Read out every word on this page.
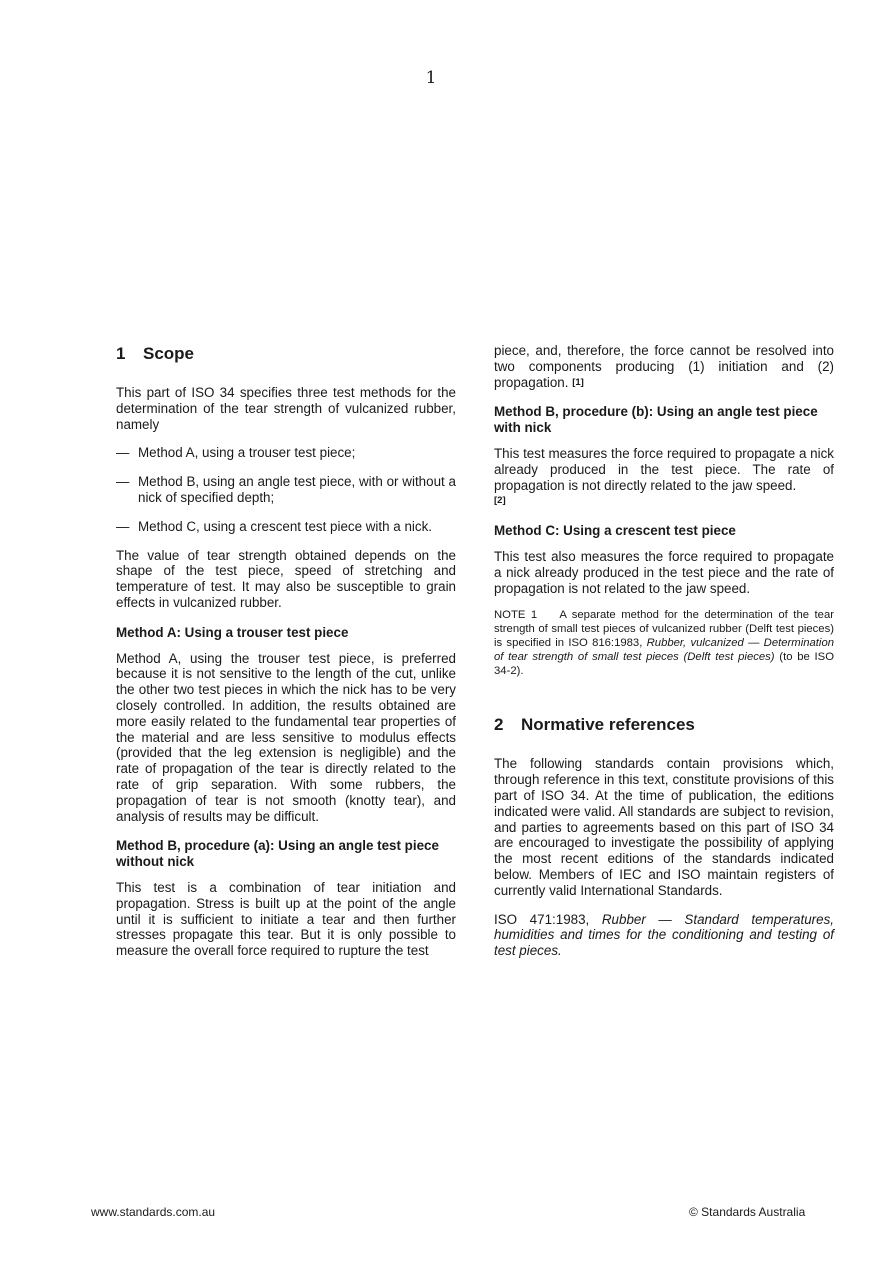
1
1 Scope

This part of ISO 34 specifies three test methods for the determination of the tear strength of vulcanized rubber, namely

— Method A, using a trouser test piece;
— Method B, using an angle test piece, with or without a nick of specified depth;
— Method C, using a crescent test piece with a nick.

The value of tear strength obtained depends on the shape of the test piece, speed of stretching and temperature of test. It may also be susceptible to grain effects in vulcanized rubber.

Method A: Using a trouser test piece

Method A, using the trouser test piece, is preferred because it is not sensitive to the length of the cut, unlike the other two test pieces in which the nick has to be very closely controlled. In addition, the results obtained are more easily related to the fundamental tear properties of the material and are less sensitive to modulus effects (provided that the leg extension is negligible) and the rate of propagation of the tear is directly related to the rate of grip separation. With some rubbers, the propagation of tear is not smooth (knotty tear), and analysis of results may be difficult.

Method B, procedure (a): Using an angle test piece without nick

This test is a combination of tear initiation and propagation. Stress is built up at the point of the angle until it is sufficient to initiate a tear and then further stresses propagate this tear. But it is only possible to measure the overall force required to rupture the test

piece, and, therefore, the force cannot be resolved into two components producing (1) initiation and (2) propagation. [1]

Method B, procedure (b): Using an angle test piece with nick

This test measures the force required to propagate a nick already produced in the test piece. The rate of propagation is not directly related to the jaw speed.
[2]

Method C: Using a crescent test piece

This test also measures the force required to propagate a nick already produced in the test piece and the rate of propagation is not related to the jaw speed.

NOTE 1 A separate method for the determination of the tear strength of small test pieces of vulcanized rubber (Delft test pieces) is specified in ISO 816:1983, Rubber, vulcanized — Determination of tear strength of small test pieces (Delft test pieces) (to be ISO 34-2).
2 Normative references

The following standards contain provisions which, through reference in this text, constitute provisions of this part of ISO 34. At the time of publication, the editions indicated were valid. All standards are subject to revision, and parties to agreements based on this part of ISO 34 are encouraged to investigate the possibility of applying the most recent editions of the standards indicated below. Members of IEC and ISO maintain registers of currently valid International Standards.

ISO 471:1983, Rubber — Standard temperatures, humidities and times for the conditioning and testing of test pieces.

www.standards.com.au	© Standards Australia
